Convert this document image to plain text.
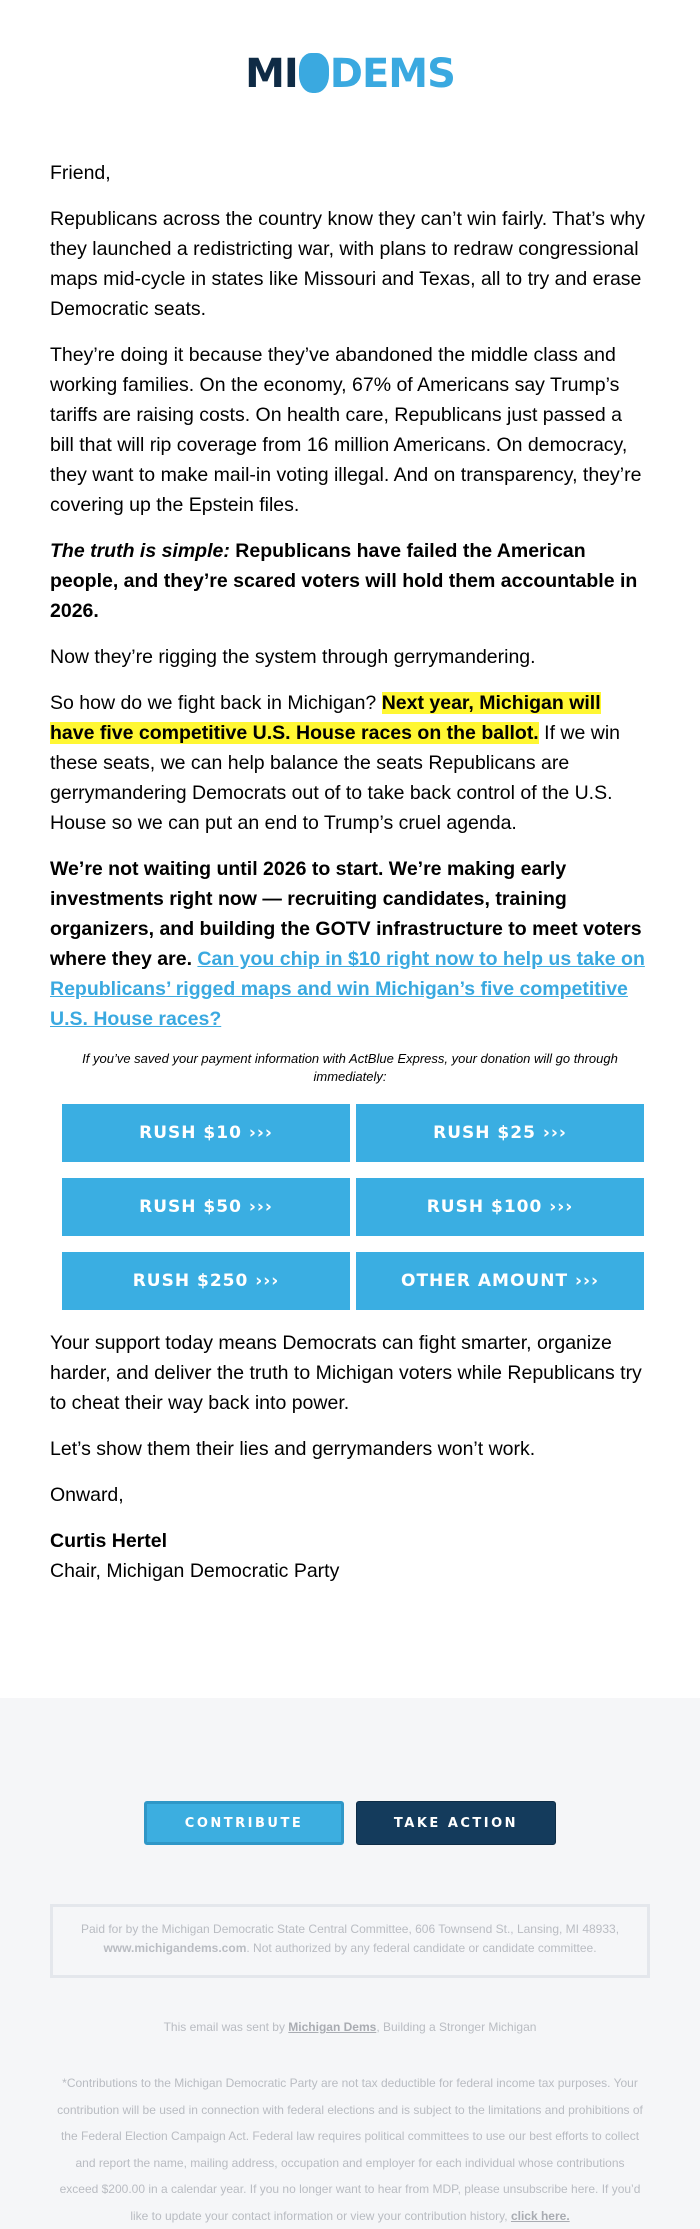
MI DEMS

Friend,

Republicans across the country know they can’t win fairly. That’s why they launched a redistricting war, with plans to redraw congressional maps mid-cycle in states like Missouri and Texas, all to try and erase Democratic seats.

They’re doing it because they’ve abandoned the middle class and working families. On the economy, 67% of Americans say Trump’s tariffs are raising costs. On health care, Republicans just passed a bill that will rip coverage from 16 million Americans. On democracy, they want to make mail-in voting illegal. And on transparency, they’re covering up the Epstein files.

The truth is simple: Republicans have failed the American people, and they’re scared voters will hold them accountable in 2026.

Now they’re rigging the system through gerrymandering.

So how do we fight back in Michigan? Next year, Michigan will have five competitive U.S. House races on the ballot. If we win these seats, we can help balance the seats Republicans are gerrymandering Democrats out of to take back control of the U.S. House so we can put an end to Trump’s cruel agenda.

We’re not waiting until 2026 to start. We’re making early investments right now — recruiting candidates, training organizers, and building the GOTV infrastructure to meet voters where they are. Can you chip in $10 right now to help us take on Republicans’ rigged maps and win Michigan’s five competitive U.S. House races?

If you’ve saved your payment information with ActBlue Express, your donation will go through immediately:
RUSH $10 ›››	RUSH $25 ›››
RUSH $50 ›››	RUSH $100 ›››
RUSH $250 ›››	OTHER AMOUNT ›››

Your support today means Democrats can fight smarter, organize harder, and deliver the truth to Michigan voters while Republicans try to cheat their way back into power.

Let’s show them their lies and gerrymanders won’t work.

Onward,

Curtis Hertel
Chair, Michigan Democratic Party

CONTRIBUTE	TAKE ACTION
Paid for by the Michigan Democratic State Central Committee, 606 Townsend St., Lansing, MI 48933,
www.michigandems.com. Not authorized by any federal candidate or candidate committee.
This email was sent by Michigan Dems, Building a Stronger Michigan
*Contributions to the Michigan Democratic Party are not tax deductible for federal income tax purposes. Your contribution will be used in connection with federal elections and is subject to the limitations and prohibitions of the Federal Election Campaign Act. Federal law requires political committees to use our best efforts to collect and report the name, mailing address, occupation and employer for each individual whose contributions exceed $200.00 in a calendar year. If you no longer want to hear from MDP, please unsubscribe here. If you’d like to update your contact information or view your contribution history, click here.
